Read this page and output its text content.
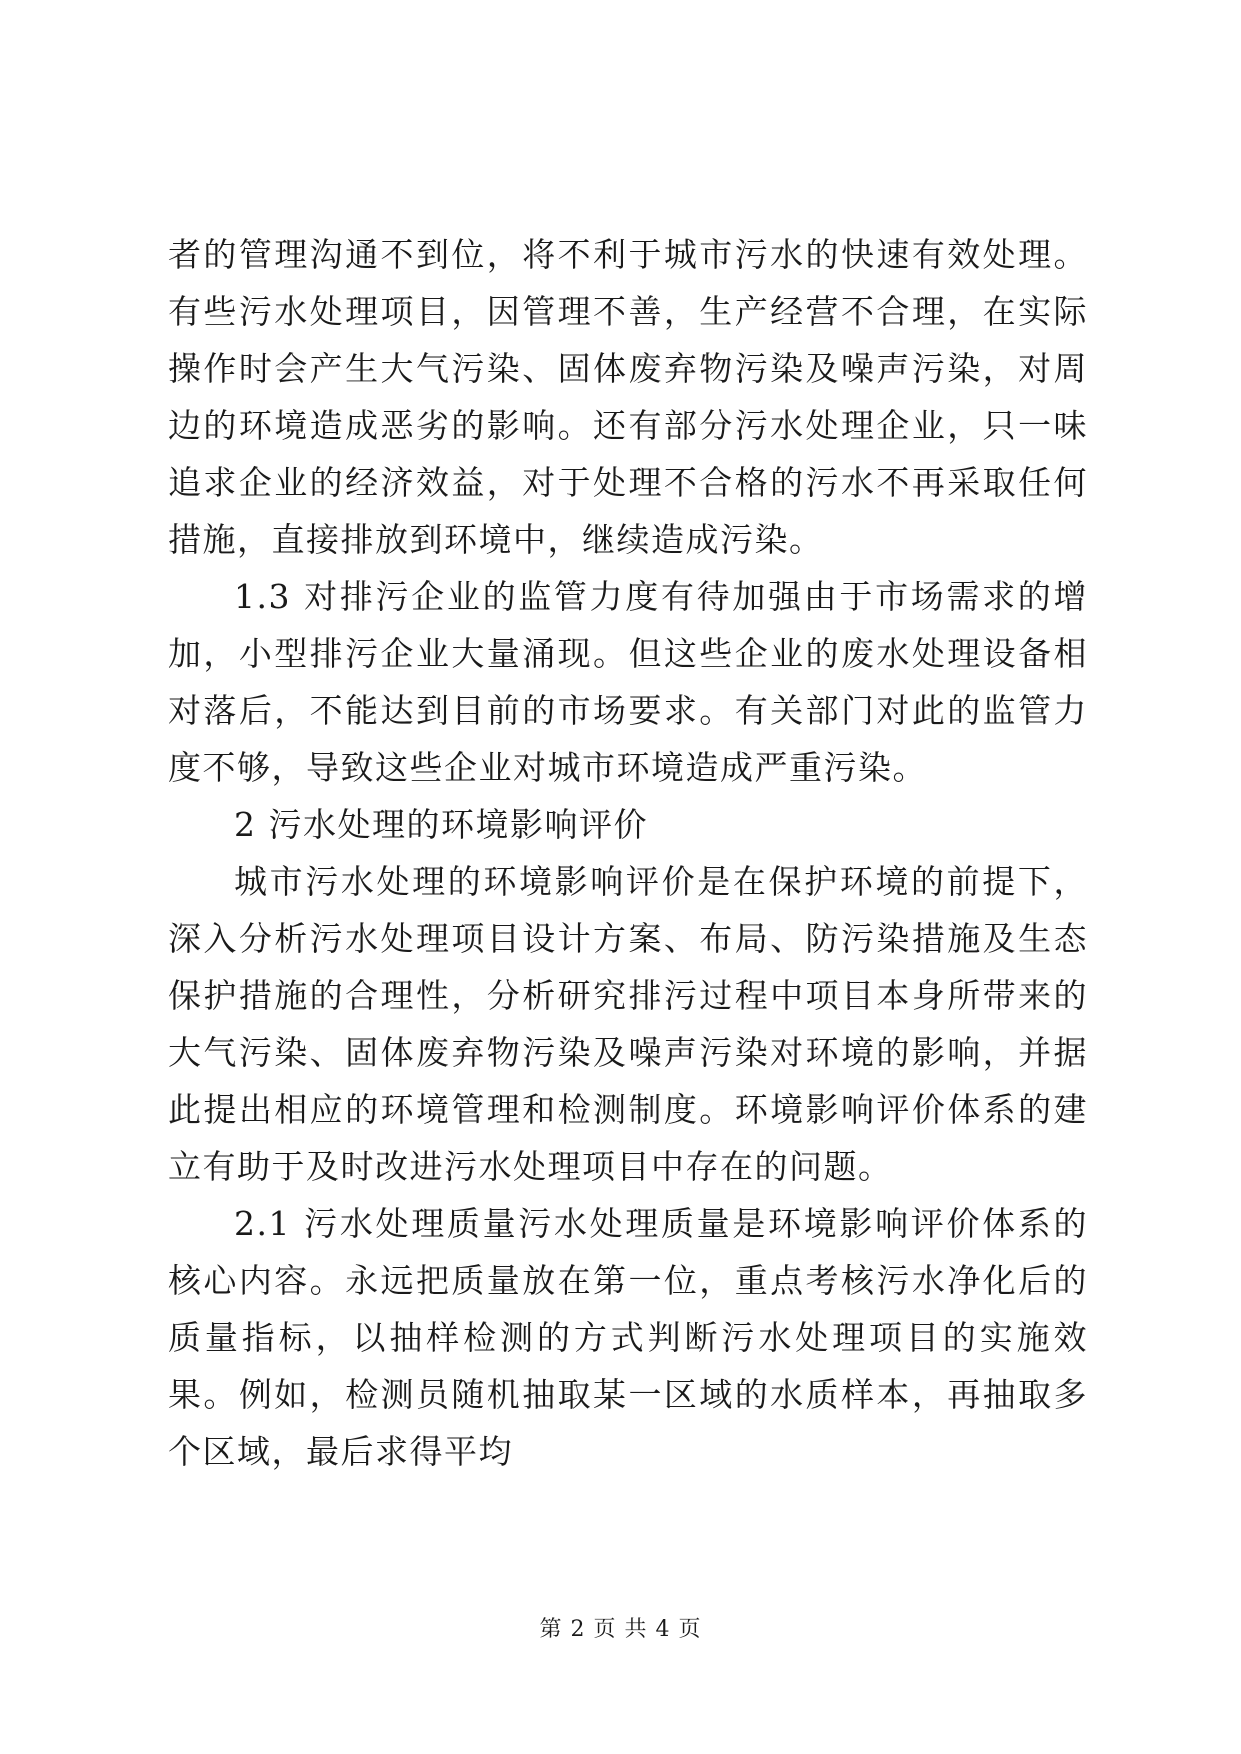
者的管理沟通不到位，将不利于城市污水的快速有效处理。有些污水处理项目，因管理不善，生产经营不合理，在实际操作时会产生大气污染、固体废弃物污染及噪声污染，对周边的环境造成恶劣的影响。还有部分污水处理企业，只一味追求企业的经济效益，对于处理不合格的污水不再采取任何措施，直接排放到环境中，继续造成污染。

1.3 对排污企业的监管力度有待加强由于市场需求的增加，小型排污企业大量涌现。但这些企业的废水处理设备相对落后，不能达到目前的市场要求。有关部门对此的监管力度不够，导致这些企业对城市环境造成严重污染。

2 污水处理的环境影响评价

城市污水处理的环境影响评价是在保护环境的前提下，深入分析污水处理项目设计方案、布局、防污染措施及生态保护措施的合理性，分析研究排污过程中项目本身所带来的大气污染、固体废弃物污染及噪声污染对环境的影响，并据此提出相应的环境管理和检测制度。环境影响评价体系的建立有助于及时改进污水处理项目中存在的问题。

2.1 污水处理质量污水处理质量是环境影响评价体系的核心内容。永远把质量放在第一位，重点考核污水净化后的质量指标，以抽样检测的方式判断污水处理项目的实施效果。例如，检测员随机抽取某一区域的水质样本，再抽取多个区域，最后求得平均

第 2 页 共 4 页
